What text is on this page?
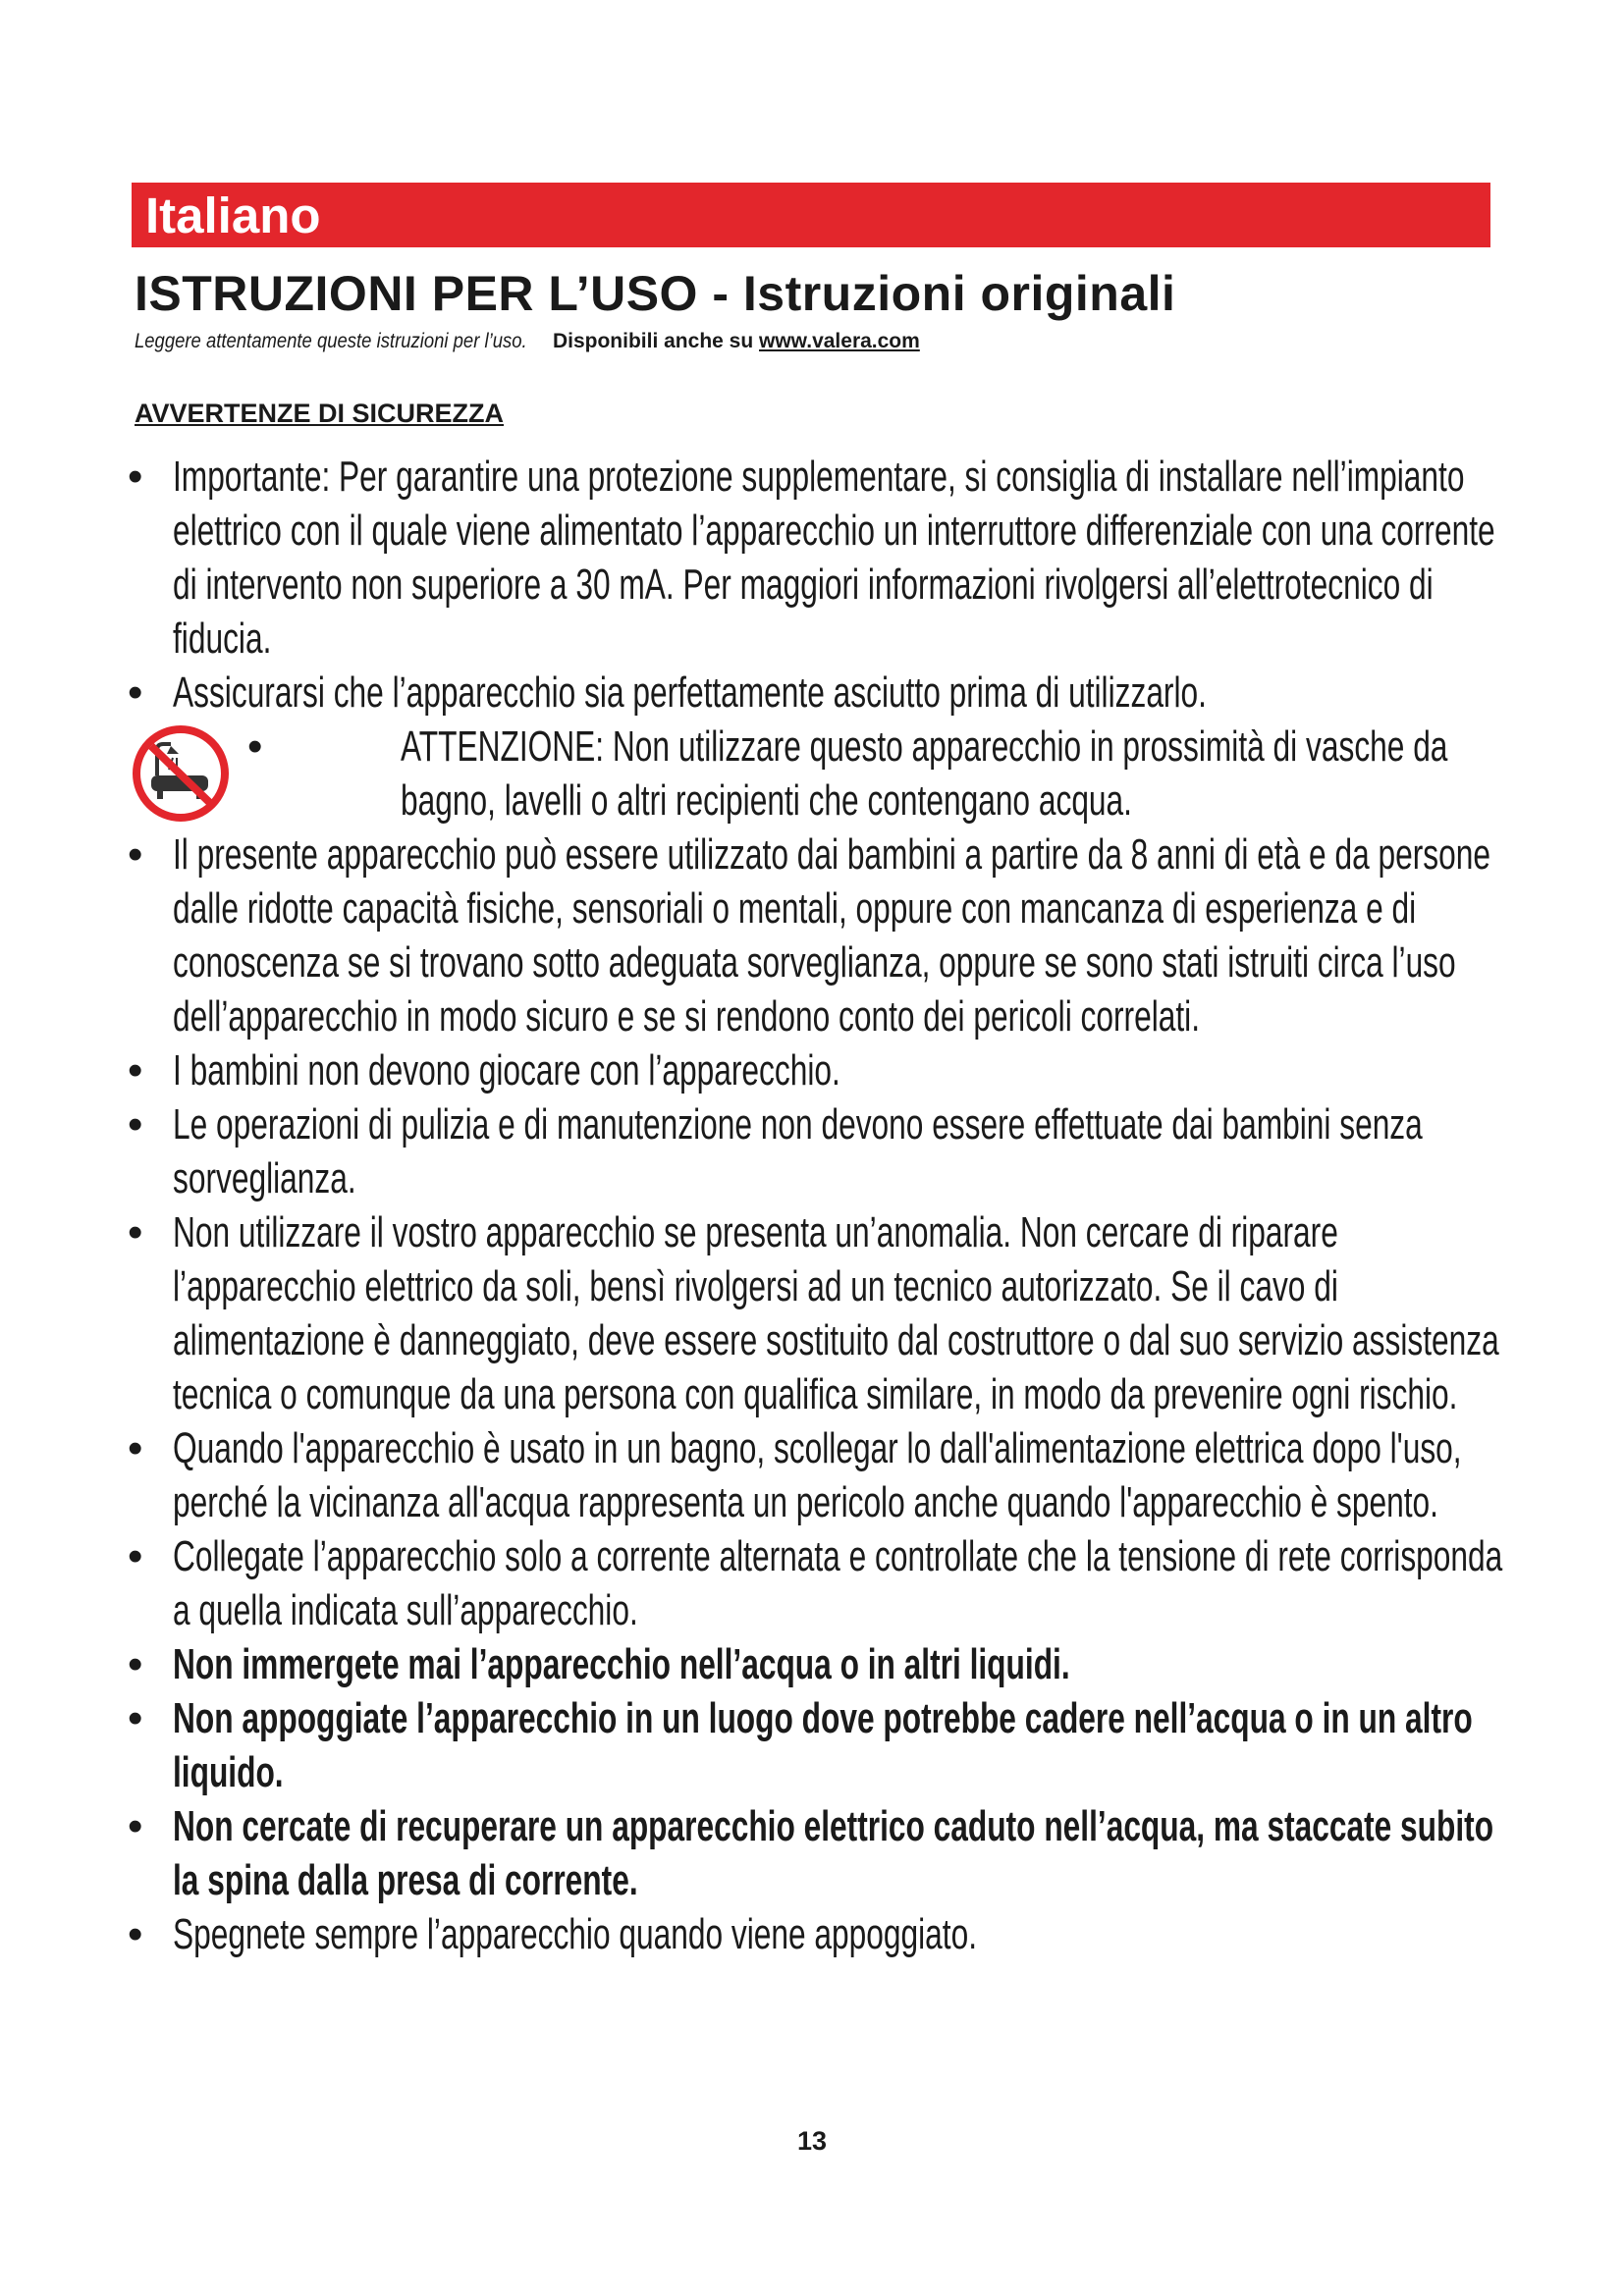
Italiano
ISTRUZIONI PER L’USO - Istruzioni originali
Leggere attentamente queste istruzioni per l’uso. Disponibili anche su www.valera.com
AVVERTENZE DI SICUREZZA
• Importante: Per garantire una protezione supplementare, si consiglia di installare nell’impianto elettrico con il quale viene alimentato l’apparecchio un interruttore differenziale con una corrente di intervento non superiore a 30 mA. Per maggiori informazioni rivolgersi all’elettrotecnico di fiducia.
• Assicurarsi che l’apparecchio sia perfettamente asciutto prima di utilizzarlo.
•	ATTENZIONE: Non utilizzare questo apparecchio in prossimità di vasche da bagno, lavelli o altri recipienti che contengano acqua.
• Il presente apparecchio può essere utilizzato dai bambini a partire da 8 anni di età e da persone dalle ridotte capacità fisiche, sensoriali o mentali, oppure con mancanza di esperienza e di conoscenza se si trovano sotto adeguata sorveglianza, oppure se sono stati istruiti circa l’uso dell’apparecchio in modo sicuro e se si rendono conto dei pericoli correlati.
• I bambini non devono giocare con l’apparecchio.
• Le operazioni di pulizia e di manutenzione non devono essere effettuate dai bambini senza sorveglianza.
• Non utilizzare il vostro apparecchio se presenta un’anomalia. Non cercare di riparare l’apparecchio elettrico da soli, bensì rivolgersi ad un tecnico autorizzato. Se il cavo di alimentazione è danneggiato, deve essere sostituito dal costruttore o dal suo servizio assistenza tecnica o comunque da una persona con qualifica similare, in modo da prevenire ogni rischio.
• Quando l'apparecchio è usato in un bagno, scollegar lo dall'alimentazione elettrica dopo l'uso, perché la vicinanza all'acqua rappresenta un pericolo anche quando l'apparecchio è spento.
• Collegate l’apparecchio solo a corrente alternata e controllate che la tensione di rete corrisponda a quella indicata sull’apparecchio.
• Non immergete mai l’apparecchio nell’acqua o in altri liquidi.
• Non appoggiate l’apparecchio in un luogo dove potrebbe cadere nell’acqua o in un altro liquido.
• Non cercate di recuperare un apparecchio elettrico caduto nell’acqua, ma staccate subito la spina dalla presa di corrente.
• Spegnete sempre l’apparecchio quando viene appoggiato.
13
